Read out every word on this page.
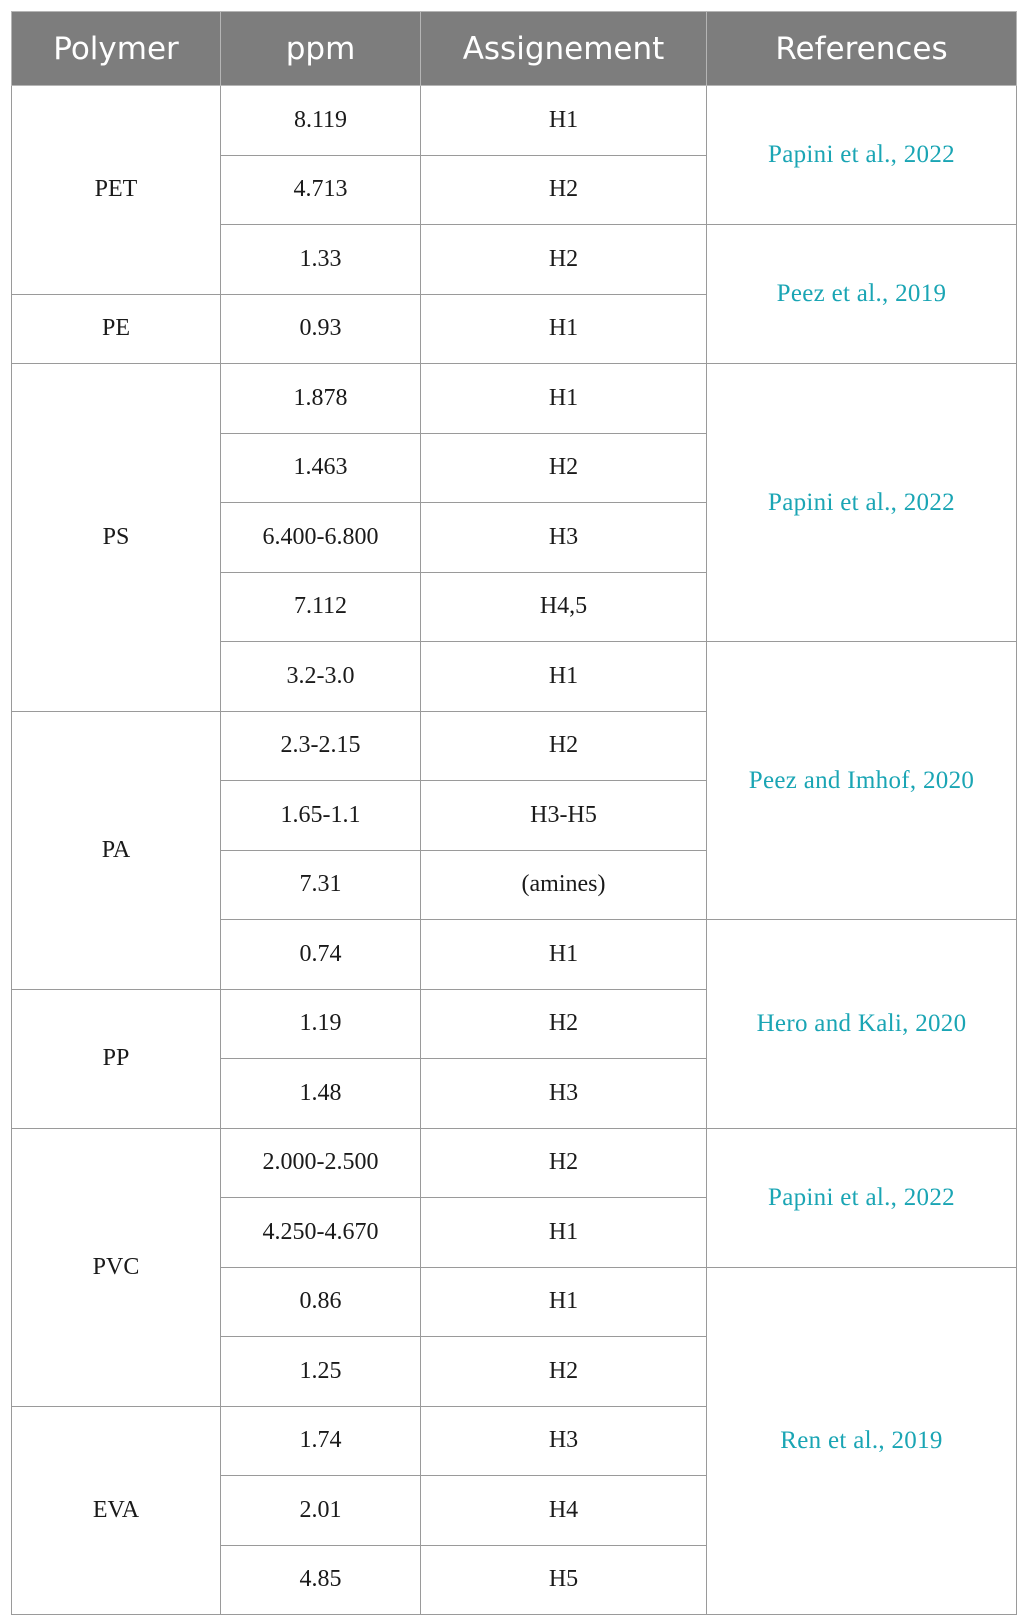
Polymer	ppm	Assignement	References
PET	8.119	H1	Papini et al., 2022
	4.713	H2	
	1.33	H2	Peez et al., 2019
PE	0.93	H1	
PS	1.878	H1	Papini et al., 2022
	1.463	H2	
	6.400-6.800	H3	
	7.112	H4,5	
	3.2-3.0	H1	Peez and Imhof, 2020
PA	2.3-2.15	H2	
	1.65-1.1	H3-H5	
	7.31	(amines)	
	0.74	H1	Hero and Kali, 2020
PP	1.19	H2	
	1.48	H3	
PVC	2.000-2.500	H2	Papini et al., 2022
	4.250-4.670	H1	
	0.86	H1	Ren et al., 2019
	1.25	H2	
EVA	1.74	H3	
	2.01	H4	
	4.85	H5	
